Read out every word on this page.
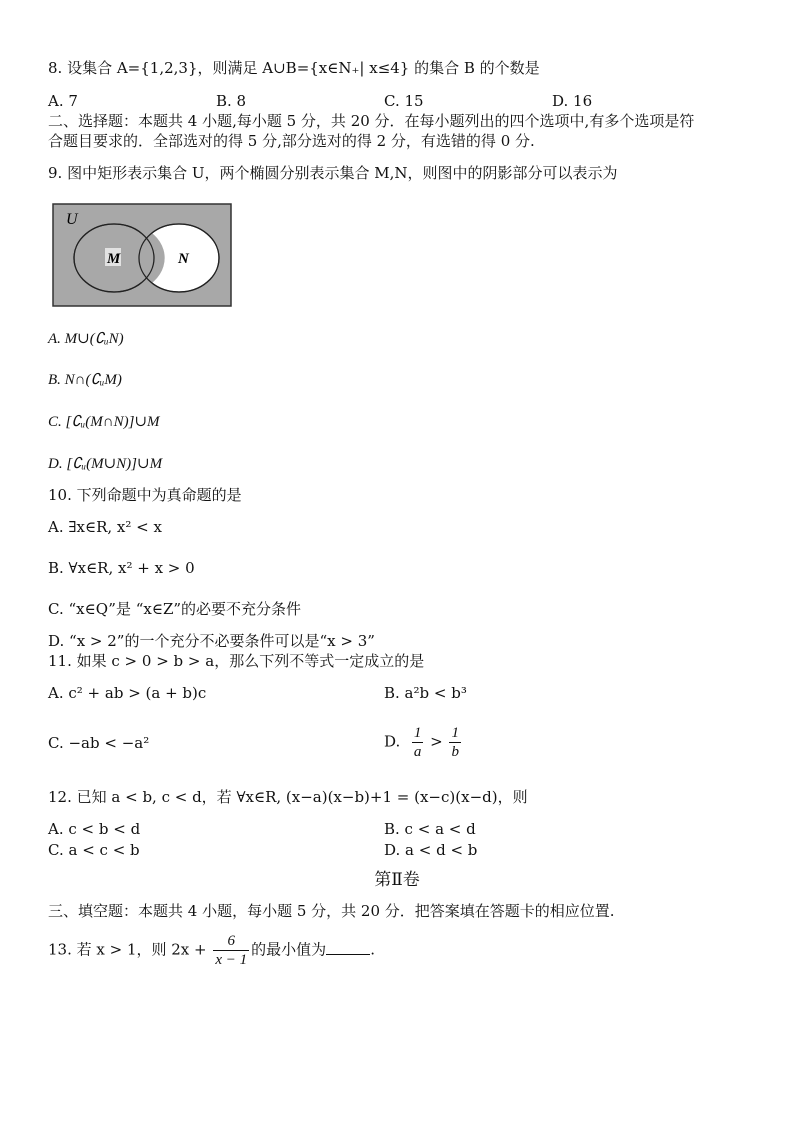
8. 设集合 A={1,2,3}，则满足 A∪B={x∈N₊| x≤4} 的集合 B 的个数是
A. 7	B. 8	C. 15	D. 16
二、选择题：本题共 4 小题,每小题 5 分，共 20 分．在每小题列出的四个选项中,有多个选项是符
合题目要求的．全部选对的得 5 分,部分选对的得 2 分，有选错的得 0 分.
9. 图中矩形表示集合 U，两个椭圆分别表示集合 M,N，则图中的阴影部分可以表示为
U
M	N
A. M∪(∁ᵤN)
B. N∩(∁ᵤM)
C. [∁ᵤ(M∩N)]∪M
D. [∁ᵤ(M∪N)]∪M
10. 下列命题中为真命题的是
A. ∃x∈R, x² < x
B. ∀x∈R, x² + x > 0
C. “x∈Q”是 “x∈Z”的必要不充分条件
D. “x > 2”的一个充分不必要条件可以是“x > 3”
11. 如果 c > 0 > b > a，那么下列不等式一定成立的是
A. c² + ab > (a + b)c	B. a²b < b³
C. −ab < −a²	D. $\frac{1}{a} > \frac{1}{b}$
12. 已知 a < b, c < d，若 ∀x∈R, (x−a)(x−b)+1 = (x−c)(x−d)，则
A. c < b < d	B. c < a < d
C. a < c < b	D. a < d < b
第Ⅱ卷
三、填空题：本题共 4 小题，每小题 5 分，共 20 分．把答案填在答题卡的相应位置.
13. 若 x > 1，则 $2x + \frac{6}{x - 1}$ 的最小值为	.
